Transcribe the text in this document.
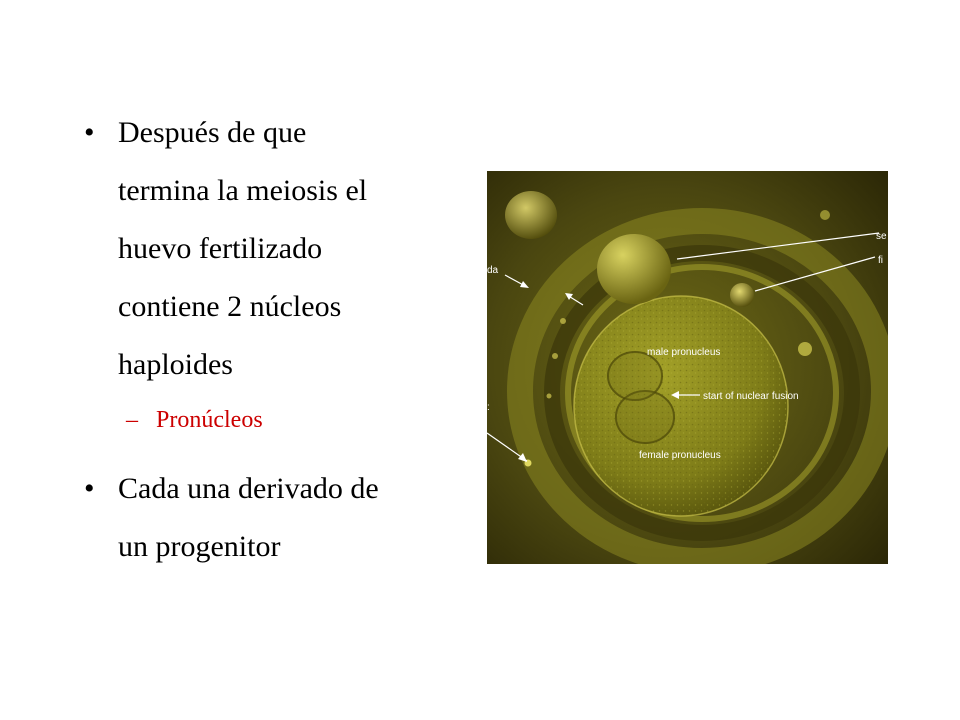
• Después de que
termina la meiosis el
huevo fertilizado
contiene 2 núcleos
haploides
– Pronúcleos
• Cada una derivado de
un progenitor
male pronucleus
start of nuclear fusion
female pronucleus
se
fi
da
:
